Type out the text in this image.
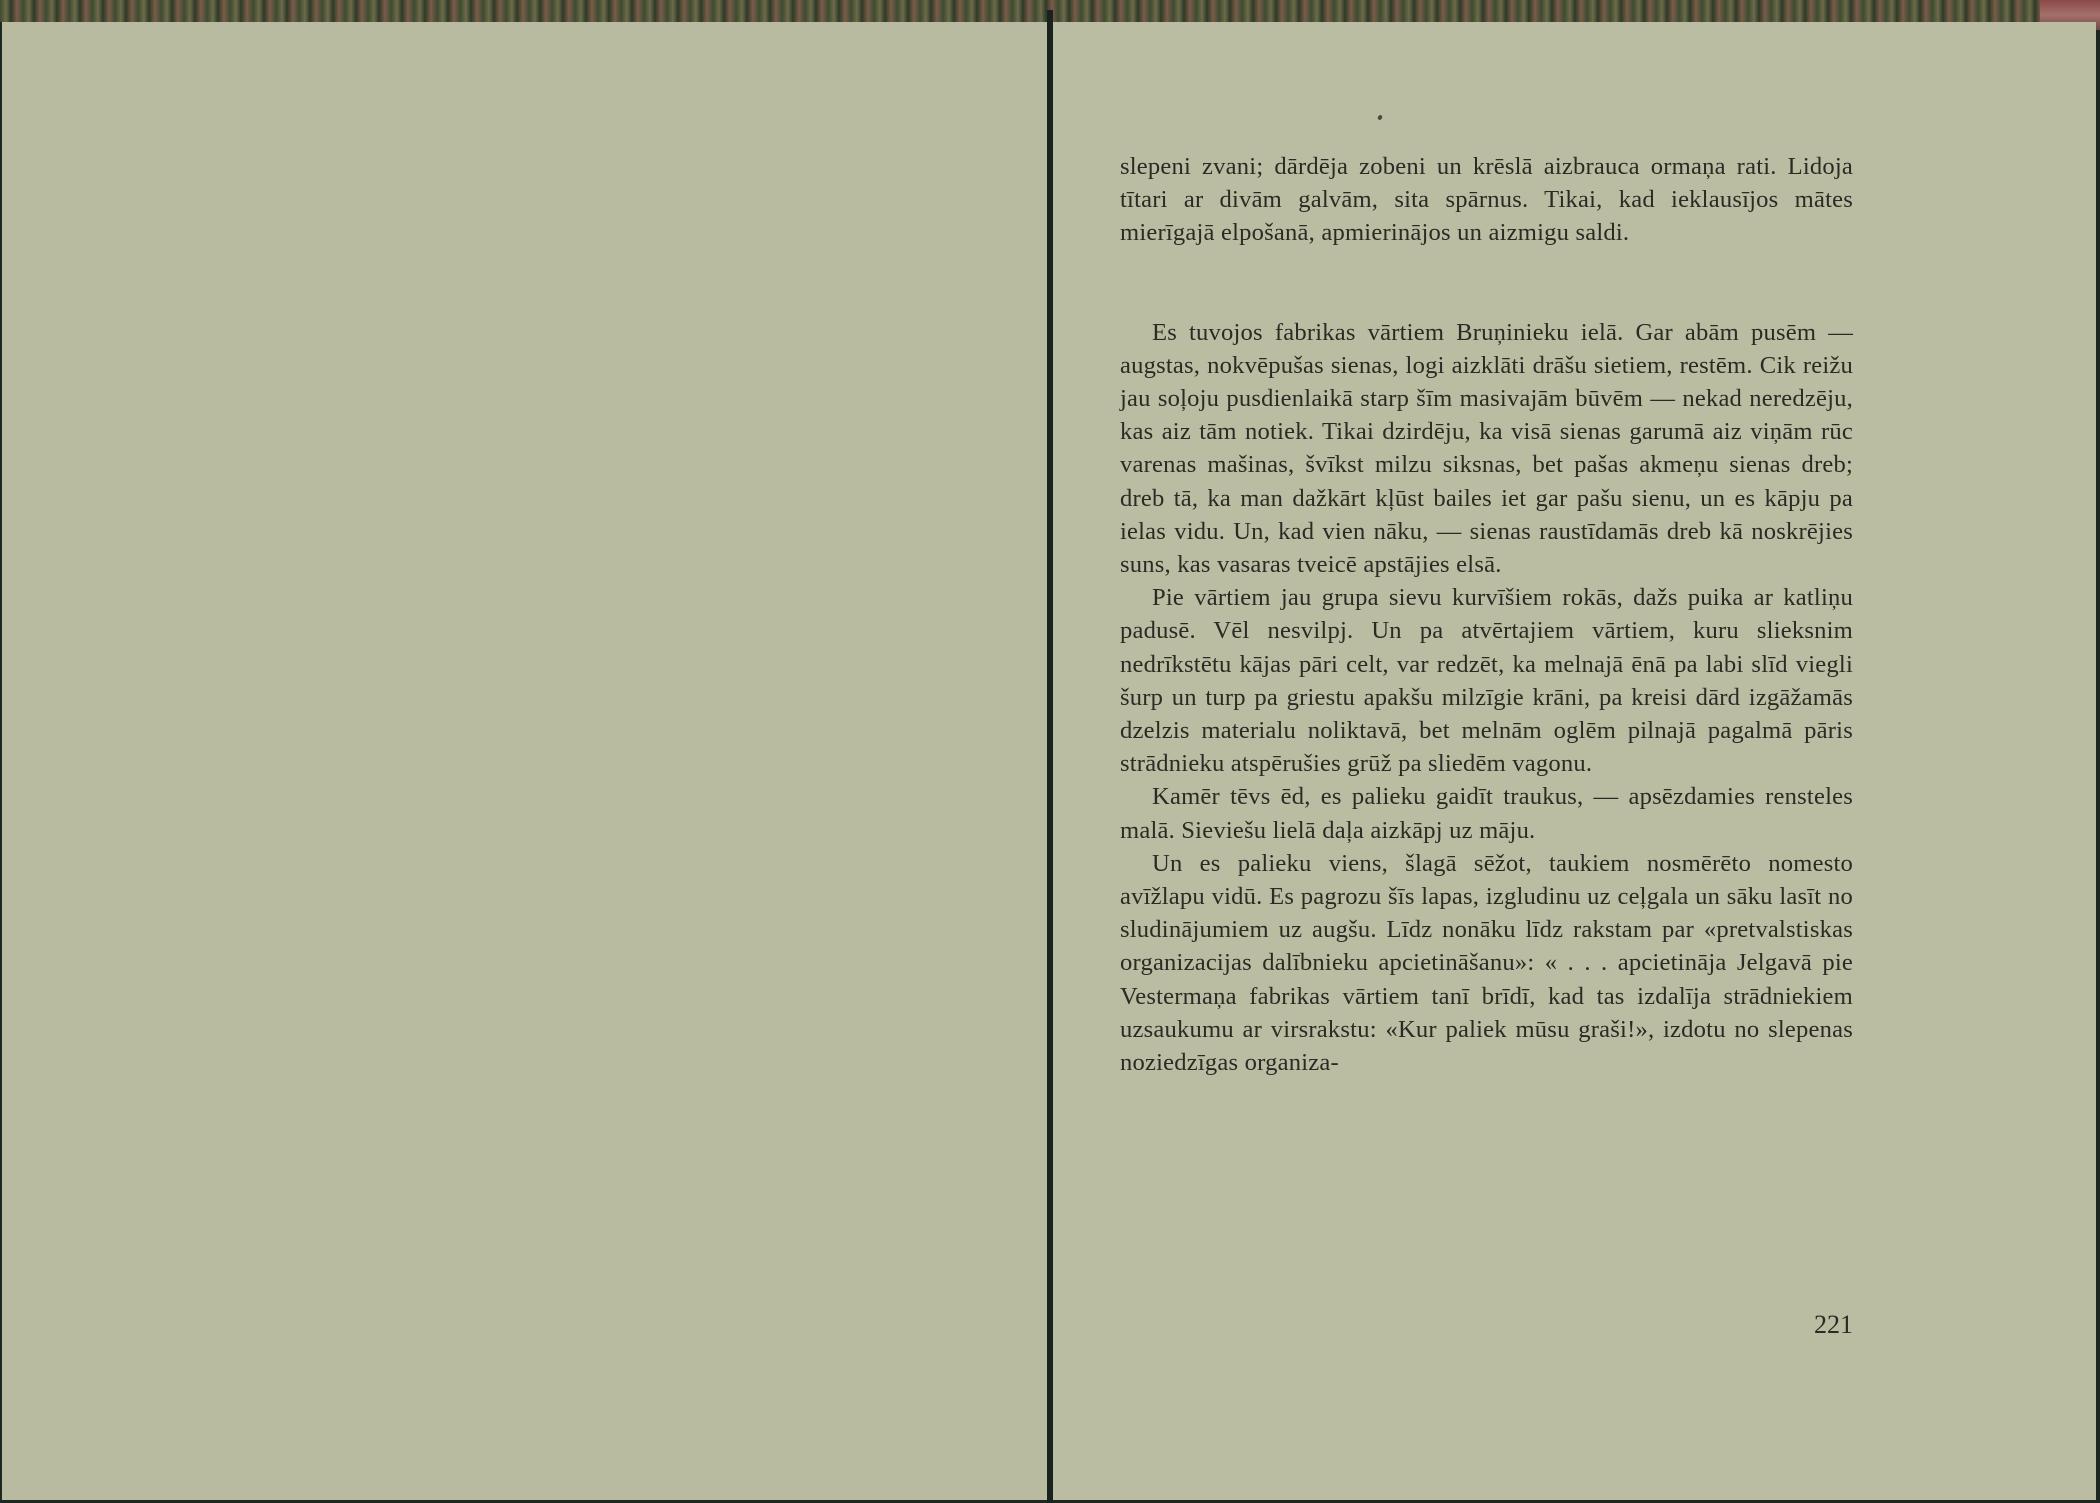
slepeni zvani; dārdēja zobeni un krēslā aizbrauca ormaņa rati. Lidoja tītari ar divām galvām, sita spārnus. Tikai, kad ieklausījos mātes mierīgajā elpošanā, apmierinājos un aizmigu saldi.

Es tuvojos fabrikas vārtiem Bruņinieku ielā. Gar abām pusēm — augstas, nokvēpušas sienas, logi aizklāti drāšu sietiem, restēm. Cik reižu jau soļoju pusdienlaikā starp šīm masivajām būvēm — nekad neredzēju, kas aiz tām notiek. Tikai dzirdēju, ka visā sienas garumā aiz viņām rūc varenas mašinas, švīkst milzu siksnas, bet pašas akmeņu sienas dreb; dreb tā, ka man dažkārt kļūst bailes iet gar pašu sienu, un es kāpju pa ielas vidu. Un, kad vien nāku, — sienas raustīdamās dreb kā noskrējies suns, kas vasaras tveicē apstājies elsā.

Pie vārtiem jau grupa sievu kurvīšiem rokās, dažs puika ar katliņu padusē. Vēl nesvilpj. Un pa atvērtajiem vārtiem, kuru slieksnim nedrīkstētu kājas pāri celt, var redzēt, ka melnajā ēnā pa labi slīd viegli šurp un turp pa griestu apakšu milzīgie krāni, pa kreisi dārd izgāžamās dzelzis materialu noliktavā, bet melnām oglēm pilnajā pagalmā pāris strādnieku atspērušies grūž pa sliedēm vagonu.

Kamēr tēvs ēd, es palieku gaidīt traukus, — apsēzdamies rensteles malā. Sieviešu lielā daļa aizkāpj uz māju.

Un es palieku viens, šlagā sēžot, taukiem nosmērēto nomesto avīžlapu vidū. Es pagrozu šīs lapas, izgludinu uz ceļgala un sāku lasīt no sludinājumiem uz augšu. Līdz nonāku līdz rakstam par «pretvalstiskas organizacijas dalībnieku apcietināšanu»: « . . . apcietināja Jelgavā pie Vestermaņa fabrikas vārtiem tanī brīdī, kad tas izdalīja strādniekiem uzsaukumu ar virsrakstu: «Kur paliek mūsu graši!», izdotu no slepenas noziedzīgas organiza-

221
